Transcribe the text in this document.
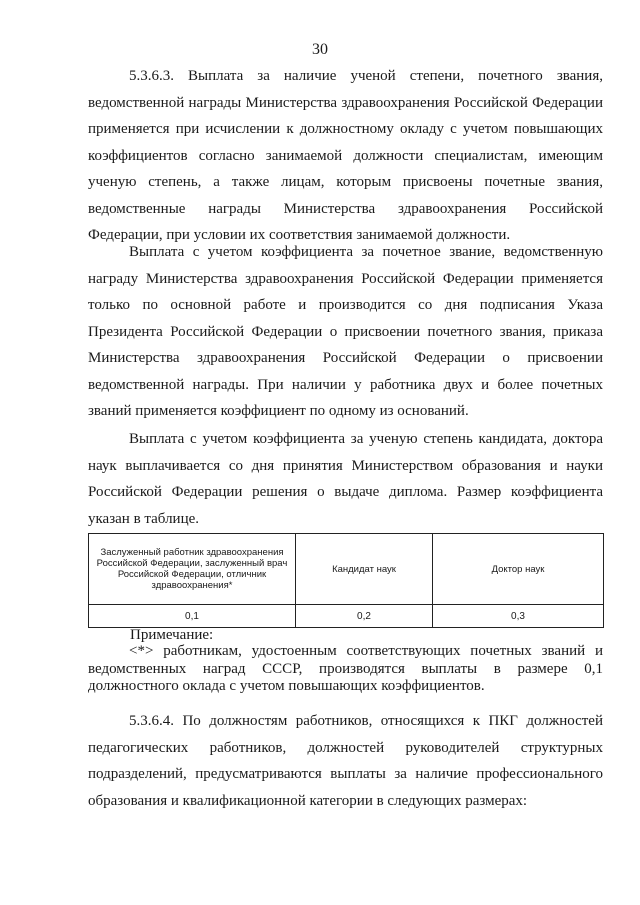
30

5.3.6.3. Выплата за наличие ученой степени, почетного звания, ведомственной награды Министерства здравоохранения Российской Федерации применяется при исчислении к должностному окладу с учетом повышающих коэффициентов согласно занимаемой должности специалистам, имеющим ученую степень, а также лицам, которым присвоены почетные звания, ведомственные награды Министерства здравоохранения Российской Федерации, при условии их соответствия занимаемой должности.

Выплата с учетом коэффициента за почетное звание, ведомственную награду Министерства здравоохранения Российской Федерации применяется только по основной работе и производится со дня подписания Указа Президента Российской Федерации о присвоении почетного звания, приказа Министерства здравоохранения Российской Федерации о присвоении ведомственной награды. При наличии у работника двух и более почетных званий применяется коэффициент по одному из оснований.

Выплата с учетом коэффициента за ученую степень кандидата, доктора наук выплачивается со дня принятия Министерством образования и науки Российской Федерации решения о выдаче диплома. Размер коэффициента указан в таблице.

Заслуженный работник здравоохранения Российской Федерации, заслуженный врач Российской Федерации, отличник здравоохранения*	Кандидат наук	Доктор наук
0,1	0,2	0,3
Примечание:

<*> работникам, удостоенным соответствующих почетных званий и ведомственных наград СССР, производятся выплаты в размере 0,1 должностного оклада с учетом повышающих коэффициентов.

5.3.6.4. По должностям работников, относящихся к ПКГ должностей педагогических работников, должностей руководителей структурных подразделений, предусматриваются выплаты за наличие профессионального образования и квалификационной категории в следующих размерах:
